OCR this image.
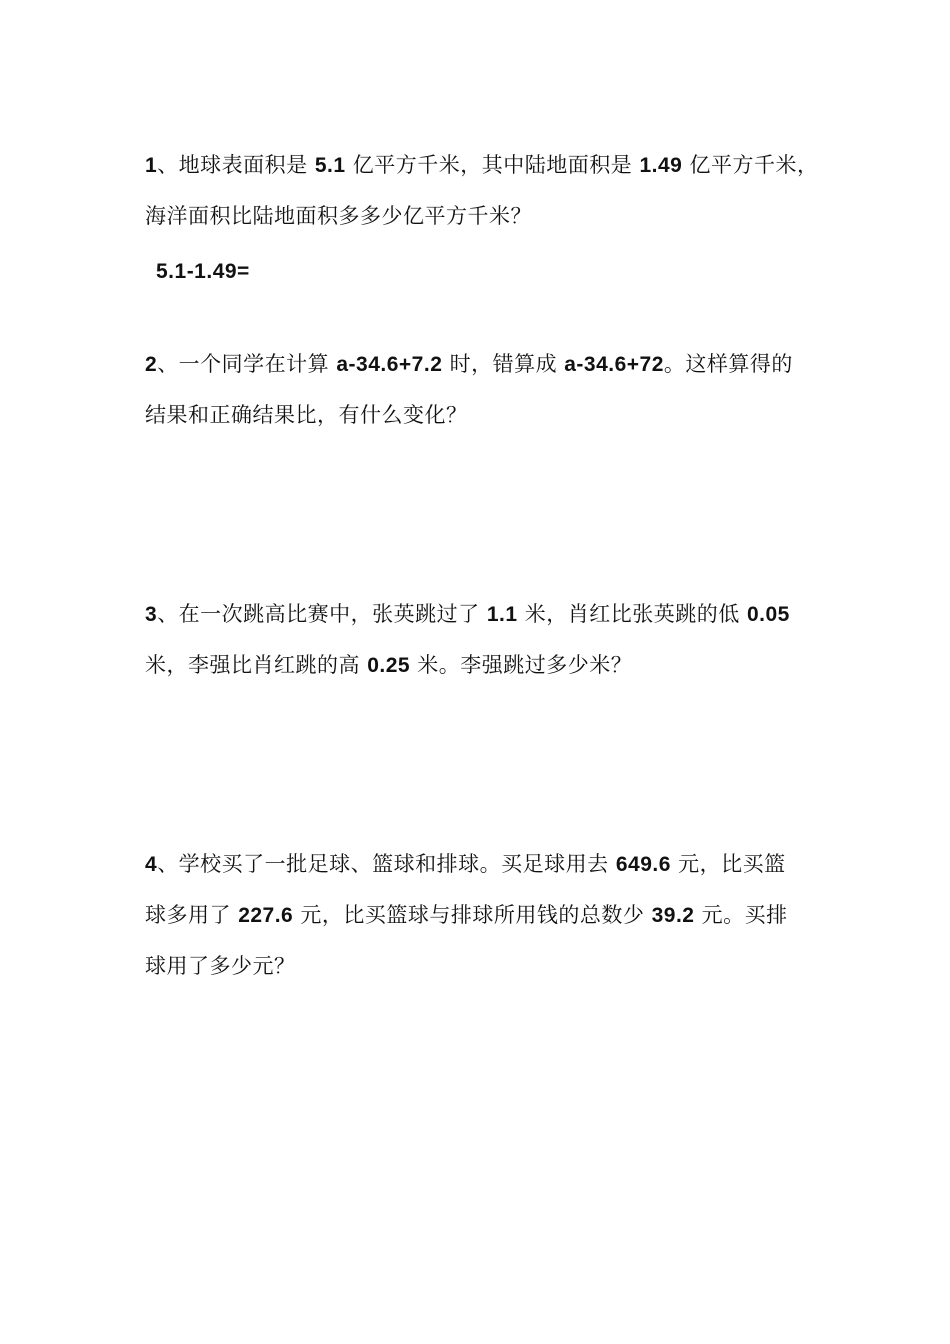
1、地球表面积是 5.1 亿平方千米，其中陆地面积是 1.49 亿平方千米，
海洋面积比陆地面积多多少亿平方千米？
5.1-1.49=
2、一个同学在计算 a-34.6+7.2 时，错算成 a-34.6+72。这样算得的
结果和正确结果比，有什么变化？
3、在一次跳高比赛中，张英跳过了 1.1 米，肖红比张英跳的低 0.05
米，李强比肖红跳的高 0.25 米。李强跳过多少米？
4、学校买了一批足球、篮球和排球。买足球用去 649.6 元，比买篮
球多用了 227.6 元，比买篮球与排球所用钱的总数少 39.2 元。买排
球用了多少元？
